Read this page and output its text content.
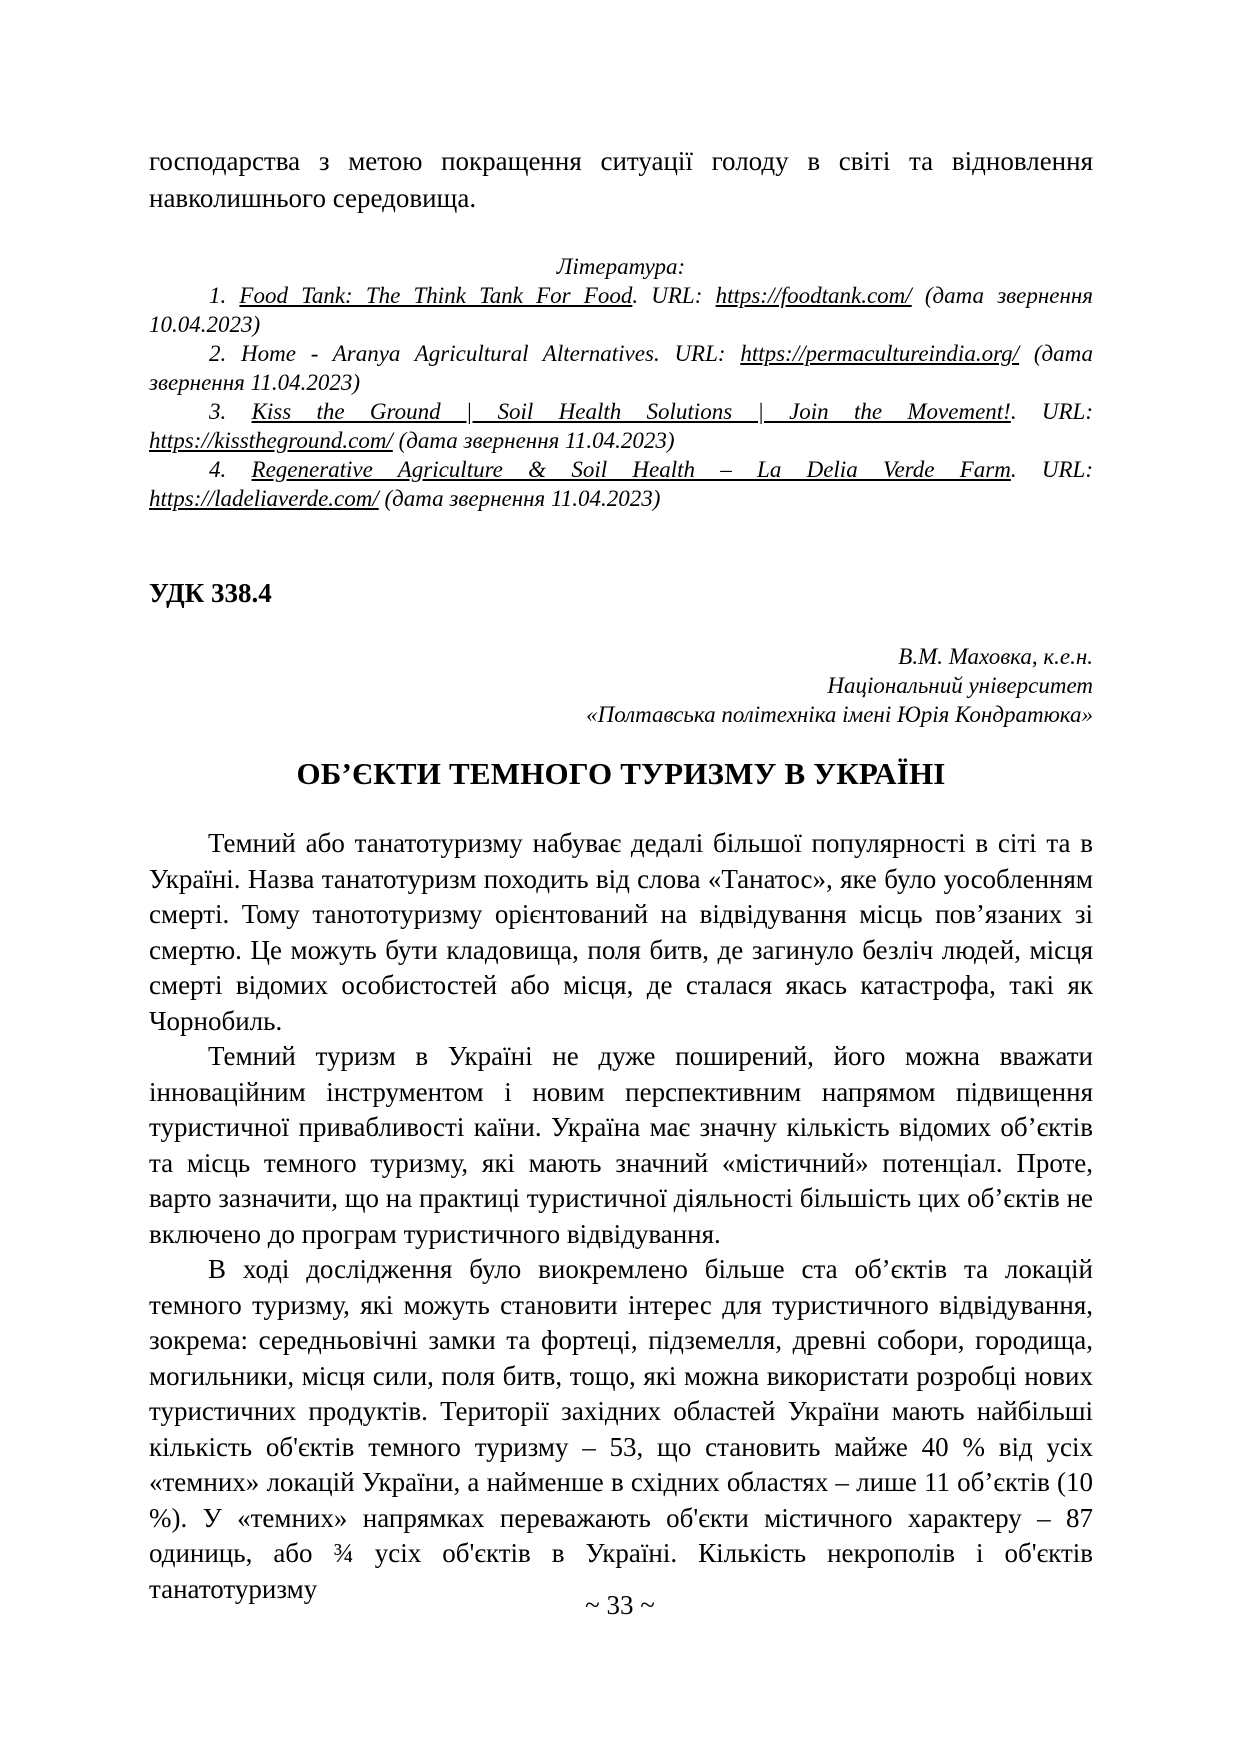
господарства з метою покращення ситуації голоду в світі та відновлення навколишнього середовища.

Література:

1. Food Tank: The Think Tank For Food. URL: https://foodtank.com/ (дата звернення 10.04.2023)

2. Home - Aranya Agricultural Alternatives. URL: https://permacultureindia.org/ (дата звернення 11.04.2023)

3. Kiss the Ground | Soil Health Solutions | Join the Movement!. URL: https://kisstheground.com/ (дата звернення 11.04.2023)

4. Regenerative Agriculture & Soil Health – La Delia Verde Farm. URL: https://ladeliaverde.com/ (дата звернення 11.04.2023)

УДК 338.4

В.М. Маховка, к.е.н.
Національний університет
«Полтавська політехніка імені Юрія Кондратюка»
ОБ’ЄКТИ ТЕМНОГО ТУРИЗМУ В УКРАЇНІ

Темний або танатотуризму набуває дедалі більшої популярності в сіті та в Україні. Назва танатотуризм походить від слова «Танатос», яке було уособленням смерті. Тому танототуризму орієнтований на відвідування місць пов’язаних зі смертю. Це можуть бути кладовища, поля битв, де загинуло безліч людей, місця смерті відомих особистостей або місця, де сталася якась катастрофа, такі як Чорнобиль.

Темний туризм в Україні не дуже поширений, його можна вважати інноваційним інструментом і новим перспективним напрямом підвищення туристичної привабливості каїни. Україна має значну кількість відомих об’єктів та місць темного туризму, які мають значний «містичний» потенціал. Проте, варто зазначити, що на практиці туристичної діяльності більшість цих об’єктів не включено до програм туристичного відвідування.

В ході дослідження було виокремлено більше ста об’єктів та локацій темного туризму, які можуть становити інтерес для туристичного відвідування, зокрема: середньовічні замки та фортеці, підземелля, древні собори, городища, могильники, місця сили, поля битв, тощо, які можна використати розробці нових туристичних продуктів. Території західних областей України мають найбільші кількість об'єктів темного туризму – 53, що становить майже 40 % від усіх «темних» локацій України, а найменше в східних областях – лише 11 об’єктів (10 %). У «темних» напрямках переважають об'єкти містичного характеру – 87 одиниць, або ¾ усіх об'єктів в Україні. Кількість некрополів і об'єктів танатотуризму

~ 33 ~
